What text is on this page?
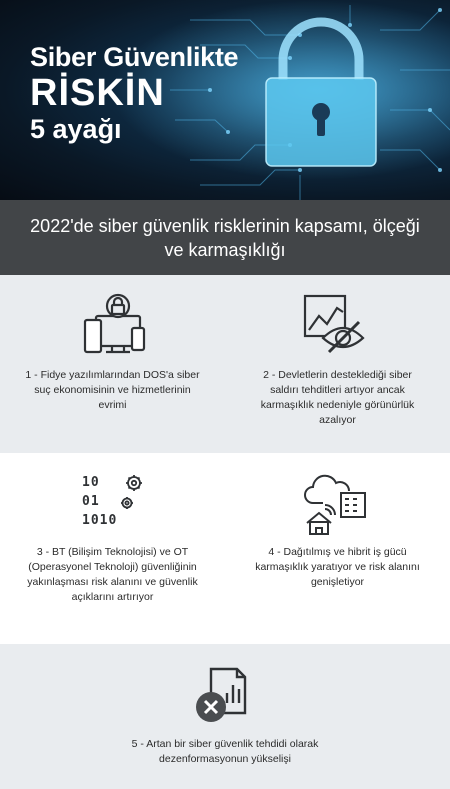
Siber Güvenlikte
RİSKİN
5 ayağı
2022'de siber güvenlik risklerinin kapsamı, ölçeği ve karmaşıklığı
1 - Fidye yazılımlarından DOS'a siber suç ekonomisinin ve hizmetlerinin evrimi
2 - Devletlerin desteklediği siber saldırı tehditleri artıyor ancak karmaşıklık nedeniyle görünürlük azalıyor
10
01
1010
3 - BT (Bilişim Teknolojisi) ve OT (Operasyonel Teknoloji) güvenliğinin yakınlaşması risk alanını ve güvenlik açıklarını artırıyor
4 - Dağıtılmış ve hibrit iş gücü karmaşıklık yaratıyor ve risk alanını genişletiyor
5 - Artan bir siber güvenlik tehdidi olarak dezenformasyonun yükselişi
